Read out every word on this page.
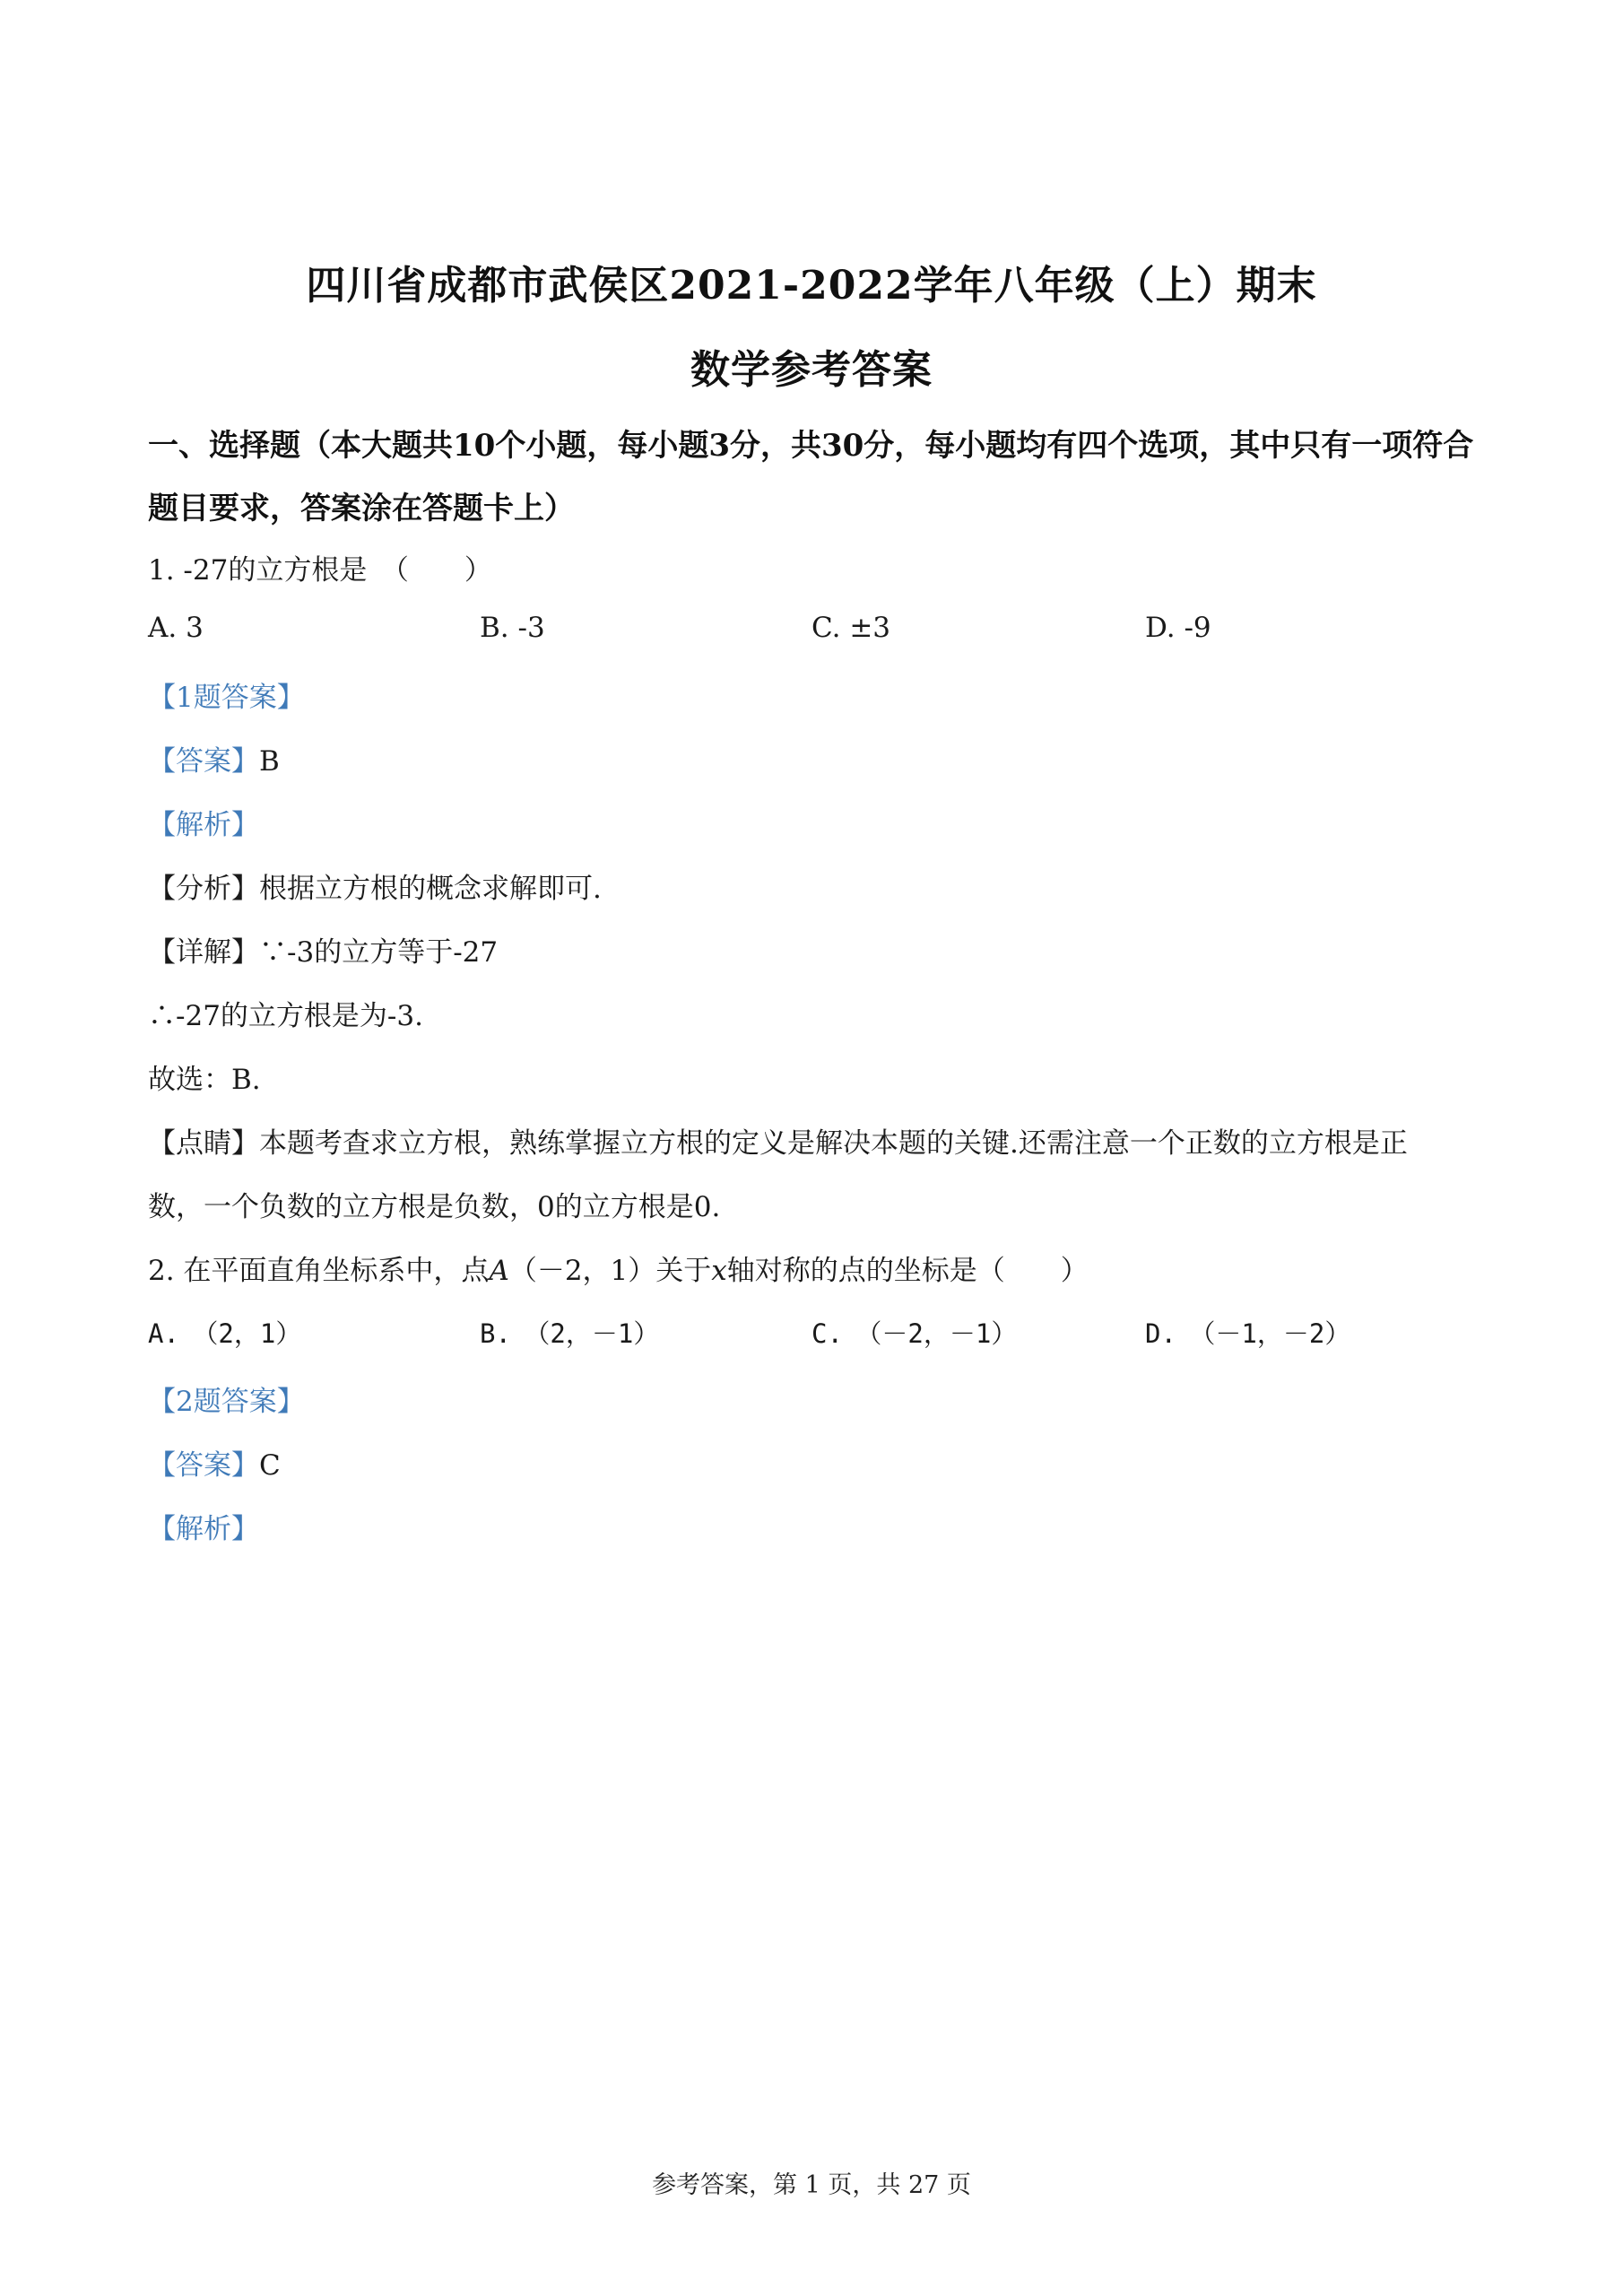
四川省成都市武侯区2021-2022学年八年级（上）期末
数学参考答案
一、选择题（本大题共10个小题，每小题3分，共30分，每小题均有四个选项，其中只有一项符合题目要求，答案涂在答题卡上）
1. -27的立方根是　（　　）
A. 3	B. -3	C. ±3	D. -9
【1题答案】
【答案】B
【解析】
【分析】根据立方根的概念求解即可.
【详解】∵-3的立方等于-27
∴-27的立方根是为-3.
故选：B.
【点睛】本题考查求立方根，熟练掌握立方根的定义是解决本题的关键.还需注意一个正数的立方根是正
数，一个负数的立方根是负数，0的立方根是0.
2. 在平面直角坐标系中，点A（－2，1）关于x轴对称的点的坐标是（　　）
A.　（2，1）	B.　（2，－1）	C.　（－2，－1）	D.　（－1，－2）
【2题答案】
【答案】C
【解析】
参考答案，第 1 页，共 27 页
